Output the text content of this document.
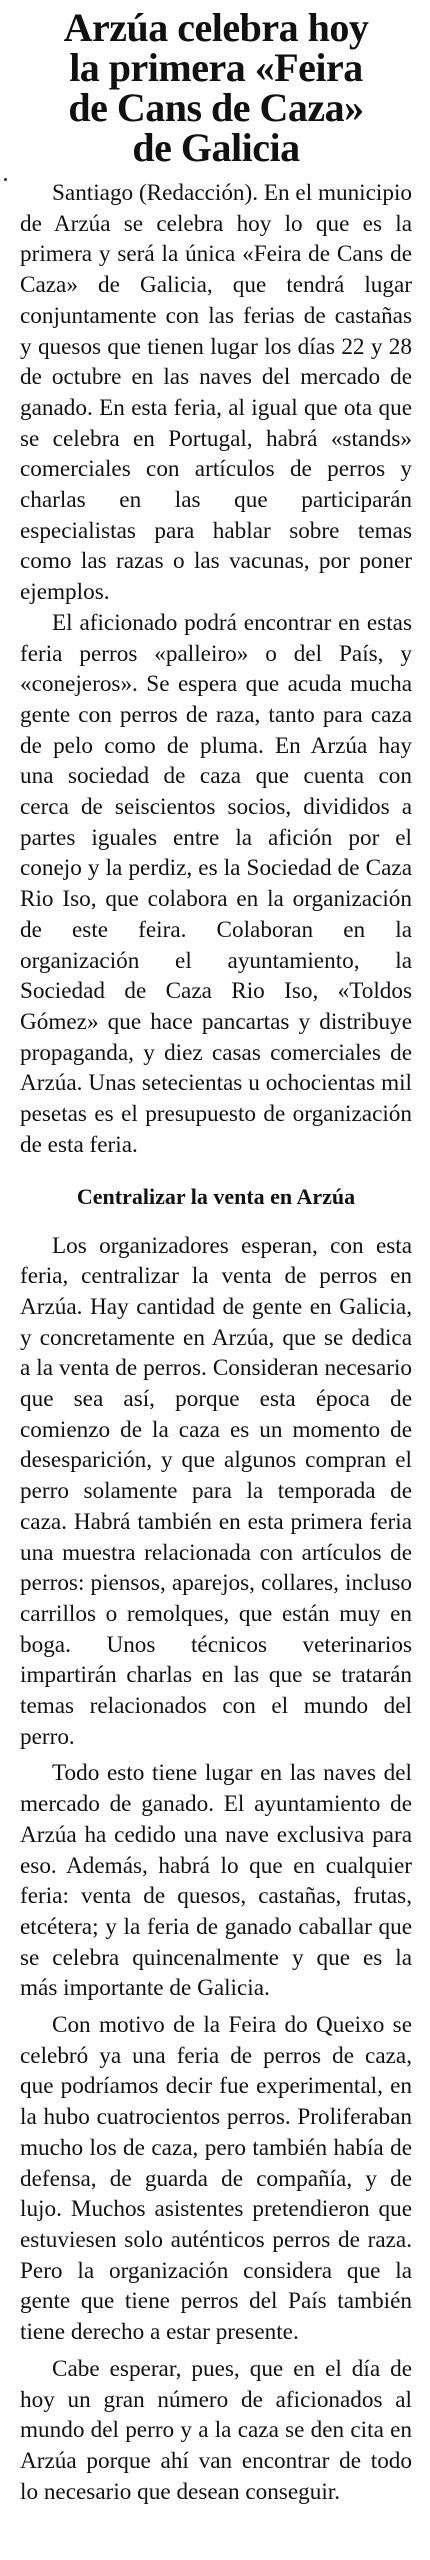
Arzúa celebra hoy
la primera «Feira
de Cans de Caza»
de Galicia

Santiago (Redacción). En el municipio de Arzúa se celebra hoy lo que es la primera y será la única «Feira de Cans de Caza» de Galicia, que tendrá lugar conjuntamente con las ferias de castañas y quesos que tienen lugar los días 22 y 28 de octubre en las naves del mercado de ganado. En esta feria, al igual que ota que se celebra en Portugal, habrá «stands» comerciales con artículos de perros y charlas en las que participarán especialistas para hablar sobre temas como las razas o las vacunas, por poner ejemplos.

El aficionado podrá encontrar en estas feria perros «palleiro» o del País, y «conejeros». Se espera que acuda mucha gente con perros de raza, tanto para caza de pelo como de pluma. En Arzúa hay una sociedad de caza que cuenta con cerca de seiscientos socios, divididos a partes iguales entre la afición por el conejo y la perdiz, es la Sociedad de Caza Rio Iso, que colabora en la organización de este feira. Colaboran en la organización el ayuntamiento, la Sociedad de Caza Rio Iso, «Toldos Gómez» que hace pancartas y distribuye propaganda, y diez casas comerciales de Arzúa. Unas setecientas u ochocientas mil pesetas es el presupuesto de organización de esta feria.

Centralizar la venta en Arzúa

Los organizadores esperan, con esta feria, centralizar la venta de perros en Arzúa. Hay cantidad de gente en Galicia, y concretamente en Arzúa, que se dedica a la venta de perros. Consideran necesario que sea así, porque esta época de comienzo de la caza es un momento de desesparición, y que algunos compran el perro solamente para la temporada de caza. Habrá también en esta primera feria una muestra relacionada con artículos de perros: piensos, aparejos, collares, incluso carrillos o remolques, que están muy en boga. Unos técnicos veterinarios impartirán charlas en las que se tratarán temas relacionados con el mundo del perro.

Todo esto tiene lugar en las naves del mercado de ganado. El ayuntamiento de Arzúa ha cedido una nave exclusiva para eso. Además, habrá lo que en cualquier feria: venta de quesos, castañas, frutas, etcétera; y la feria de ganado caballar que se celebra quincenalmente y que es la más importante de Galicia.

Con motivo de la Feira do Queixo se celebró ya una feria de perros de caza, que podríamos decir fue experimental, en la hubo cuatrocientos perros. Proliferaban mucho los de caza, pero también había de defensa, de guarda de compañía, y de lujo. Muchos asistentes pretendieron que estuviesen solo auténticos perros de raza. Pero la organización considera que la gente que tiene perros del País también tiene derecho a estar presente.

Cabe esperar, pues, que en el día de hoy un gran número de aficionados al mundo del perro y a la caza se den cita en Arzúa porque ahí van encontrar de todo lo necesario que desean conseguir.
